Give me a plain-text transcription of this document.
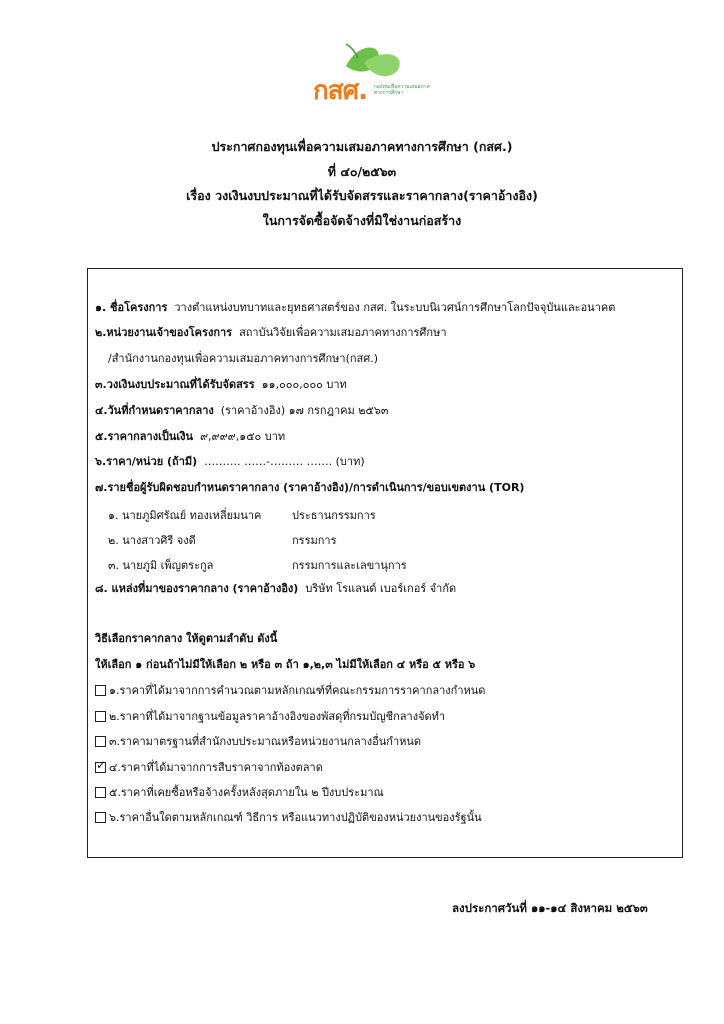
กสศ. กองทุนเพื่อความเสมอภาคทางการศึกษา
ประกาศกองทุนเพื่อความเสมอภาคทางการศึกษา (กสศ.)
ที่ ๔๐/๒๕๖๓
เรื่อง วงเงินงบประมาณที่ได้รับจัดสรรและราคากลาง(ราคาอ้างอิง)
ในการจัดซื้อจัดจ้างที่มิใช่งานก่อสร้าง
๑. ชื่อโครงการ วางตำแหน่งบทบาทและยุทธศาสตร์ของ กสศ. ในระบบนิเวศน์การศึกษาโลกปัจจุบันและอนาคต
๒.หน่วยงานเจ้าของโครงการ สถาบันวิจัยเพื่อความเสมอภาคทางการศึกษา
/สำนักงานกองทุนเพื่อความเสมอภาคทางการศึกษา(กสศ.)
๓.วงเงินงบประมาณที่ได้รับจัดสรร ๑๑,๐๐๐,๐๐๐ บาท
๔.วันที่กำหนดราคากลาง (ราคาอ้างอิง) ๑๗ กรกฎาคม ๒๕๖๓
๕.ราคากลางเป็นเงิน ๙,๙๙๙,๑๕๐ บาท
๖.ราคา/หน่วย (ถ้ามี) ………. ……-……… ……. (บาท)
๗.รายชื่อผู้รับผิดชอบกำหนดราคากลาง (ราคาอ้างอิง)/การดำเนินการ/ขอบเขตงาน (TOR)
๑. นายภูมิศรัณย์ ทองเหลี่ยมนาค	ประธานกรรมการ
๒. นางสาวศิรี จงดี	กรรมการ
๓. นายภูมิ เพ็ญตระกูล	กรรมการและเลขานุการ
๘. แหล่งที่มาของราคากลาง (ราคาอ้างอิง) บริษัท โรแลนด์ เบอร์เกอร์ จำกัด
วิธีเลือกราคากลาง ให้ดูตามลำดับ ดังนี้
ให้เลือก ๑ ก่อนถ้าไม่มีให้เลือก ๒ หรือ ๓ ถ้า ๑,๒,๓ ไม่มีให้เลือก ๔ หรือ ๕ หรือ ๖
๑.ราคาที่ได้มาจากการคำนวณตามหลักเกณฑ์ที่คณะกรรมการราคากลางกำหนด
๒.ราคาที่ได้มาจากฐานข้อมูลราคาอ้างอิงของพัสดุที่กรมบัญชีกลางจัดทำ
๓.ราคามาตรฐานที่สำนักงบประมาณหรือหน่วยงานกลางอื่นกำหนด
✓ ๔.ราคาที่ได้มาจากการสืบราคาจากท้องตลาด
๕.ราคาที่เคยซื้อหรือจ้างครั้งหลังสุดภายใน ๒ ปีงบประมาณ
๖.ราคาอื่นใดตามหลักเกณฑ์ วิธีการ หรือแนวทางปฏิบัติของหน่วยงานของรัฐนั้น
ลงประกาศวันที่ ๑๑-๑๔ สิงหาคม ๒๕๖๓
